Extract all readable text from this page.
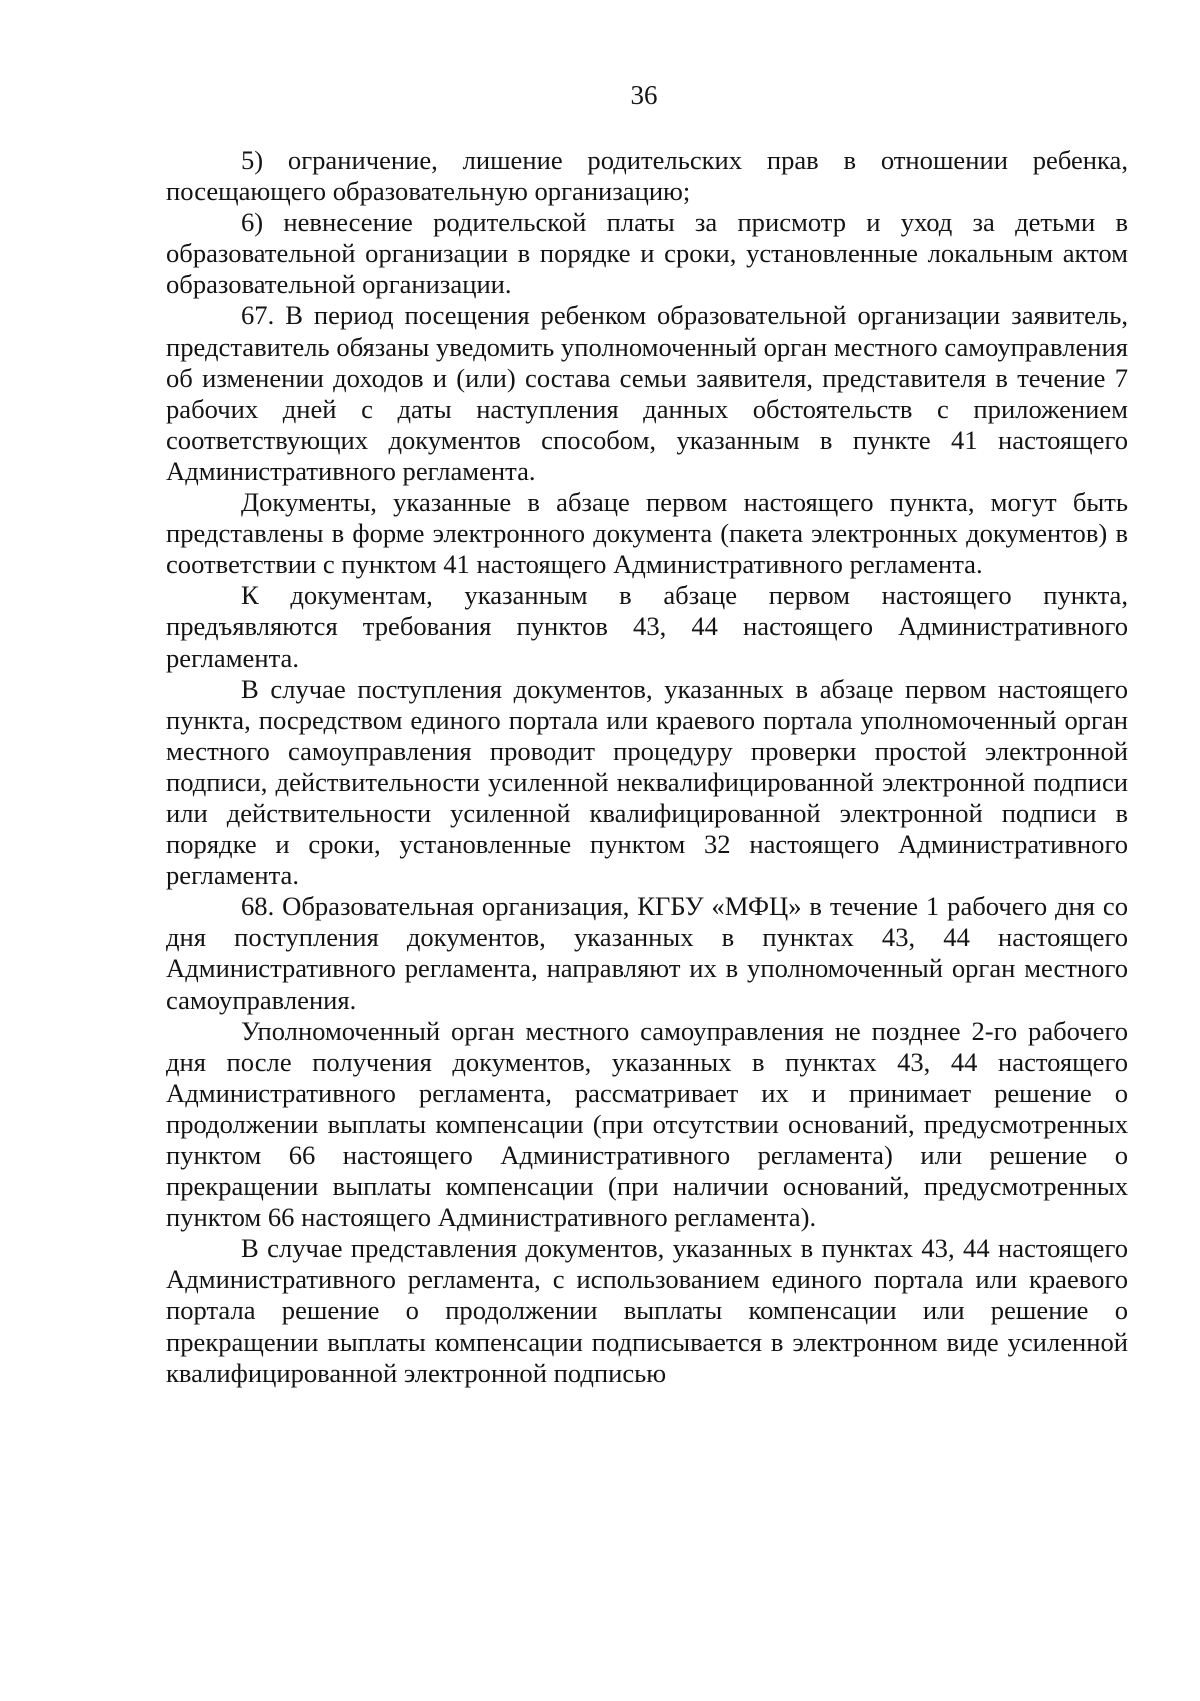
36

5) ограничение, лишение родительских прав в отношении ребенка, посещающего образовательную организацию;

6) невнесение родительской платы за присмотр и уход за детьми в образовательной организации в порядке и сроки, установленные локальным актом образовательной организации.

67. В период посещения ребенком образовательной организации заявитель, представитель обязаны уведомить уполномоченный орган местного самоуправления об изменении доходов и (или) состава семьи заявителя, представителя в течение 7 рабочих дней с даты наступления данных обстоятельств с приложением соответствующих документов способом, указанным в пункте 41 настоящего Административного регламента.

Документы, указанные в абзаце первом настоящего пункта, могут быть представлены в форме электронного документа (пакета электронных документов) в соответствии с пунктом 41 настоящего Административного регламента.

К документам, указанным в абзаце первом настоящего пункта, предъявляются требования пунктов 43, 44 настоящего Административного регламента.

В случае поступления документов, указанных в абзаце первом настоящего пункта, посредством единого портала или краевого портала уполномоченный орган местного самоуправления проводит процедуру проверки простой электронной подписи, действительности усиленной неквалифицированной электронной подписи или действительности усиленной квалифицированной электронной подписи в порядке и сроки, установленные пунктом 32 настоящего Административного регламента.

68. Образовательная организация, КГБУ «МФЦ» в течение 1 рабочего дня со дня поступления документов, указанных в пунктах 43, 44 настоящего Административного регламента, направляют их в уполномоченный орган местного самоуправления.

Уполномоченный орган местного самоуправления не позднее 2-го рабочего дня после получения документов, указанных в пунктах 43, 44 настоящего Административного регламента, рассматривает их и принимает решение о продолжении выплаты компенсации (при отсутствии оснований, предусмотренных пунктом 66 настоящего Административного регламента) или решение о прекращении выплаты компенсации (при наличии оснований, предусмотренных пунктом 66 настоящего Административного регламента).

В случае представления документов, указанных в пунктах 43, 44 настоящего Административного регламента, с использованием единого портала или краевого портала решение о продолжении выплаты компенсации или решение о прекращении выплаты компенсации подписывается в электронном виде усиленной квалифицированной электронной подписью
